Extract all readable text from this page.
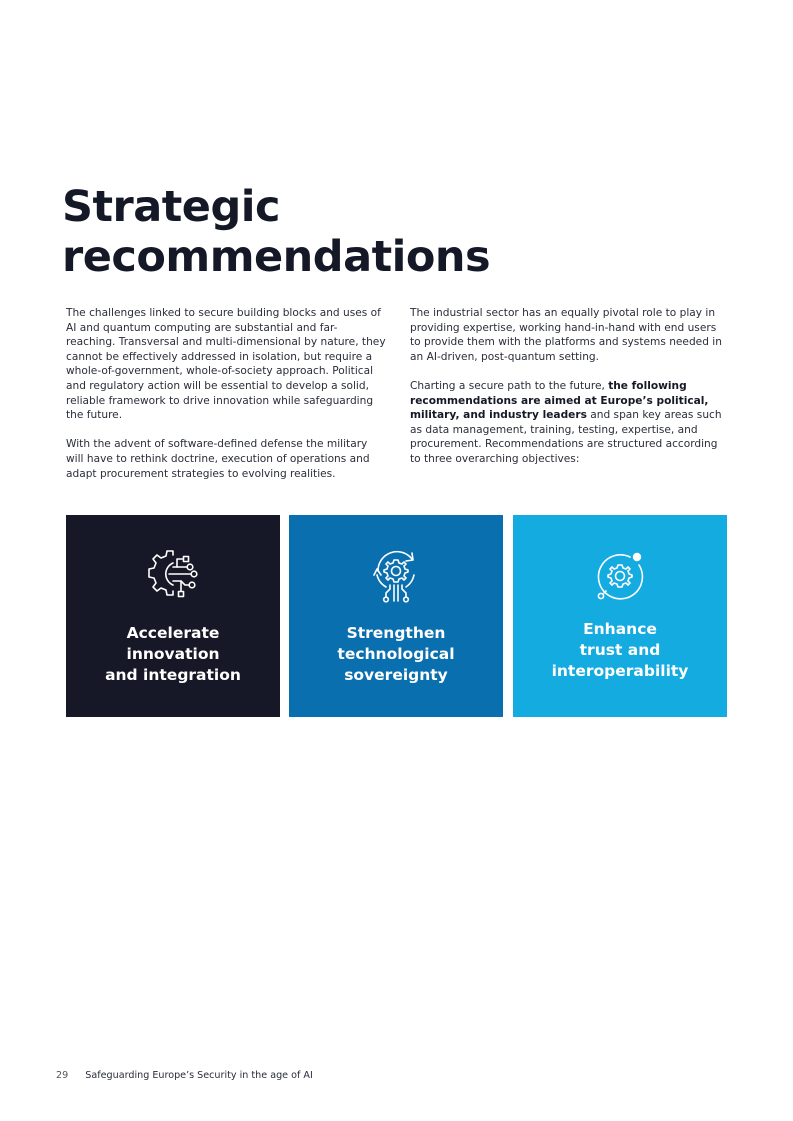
Strategic
recommendations

The challenges linked to secure building blocks and uses of AI and quantum computing are substantial and far-reaching. Transversal and multi-dimensional by nature, they cannot be effectively addressed in isolation, but require a whole-of-government, whole-of-society approach. Political and regulatory action will be essential to develop a solid, reliable framework to drive innovation while safeguarding the future.

With the advent of software-defined defense the military will have to rethink doctrine, execution of operations and adapt procurement strategies to evolving realities.

The industrial sector has an equally pivotal role to play in providing expertise, working hand-in-hand with end users to provide them with the platforms and systems needed in an AI-driven, post-quantum setting.

Charting a secure path to the future, the following recommendations are aimed at Europe’s political, military, and industry leaders and span key areas such as data management, training, testing, expertise, and procurement. Recommendations are structured according to three overarching objectives:

Accelerate
innovation
and integration
Strengthen
technological
sovereignty
Enhance
trust and
interoperability
29 Safeguarding Europe’s Security in the age of AI
